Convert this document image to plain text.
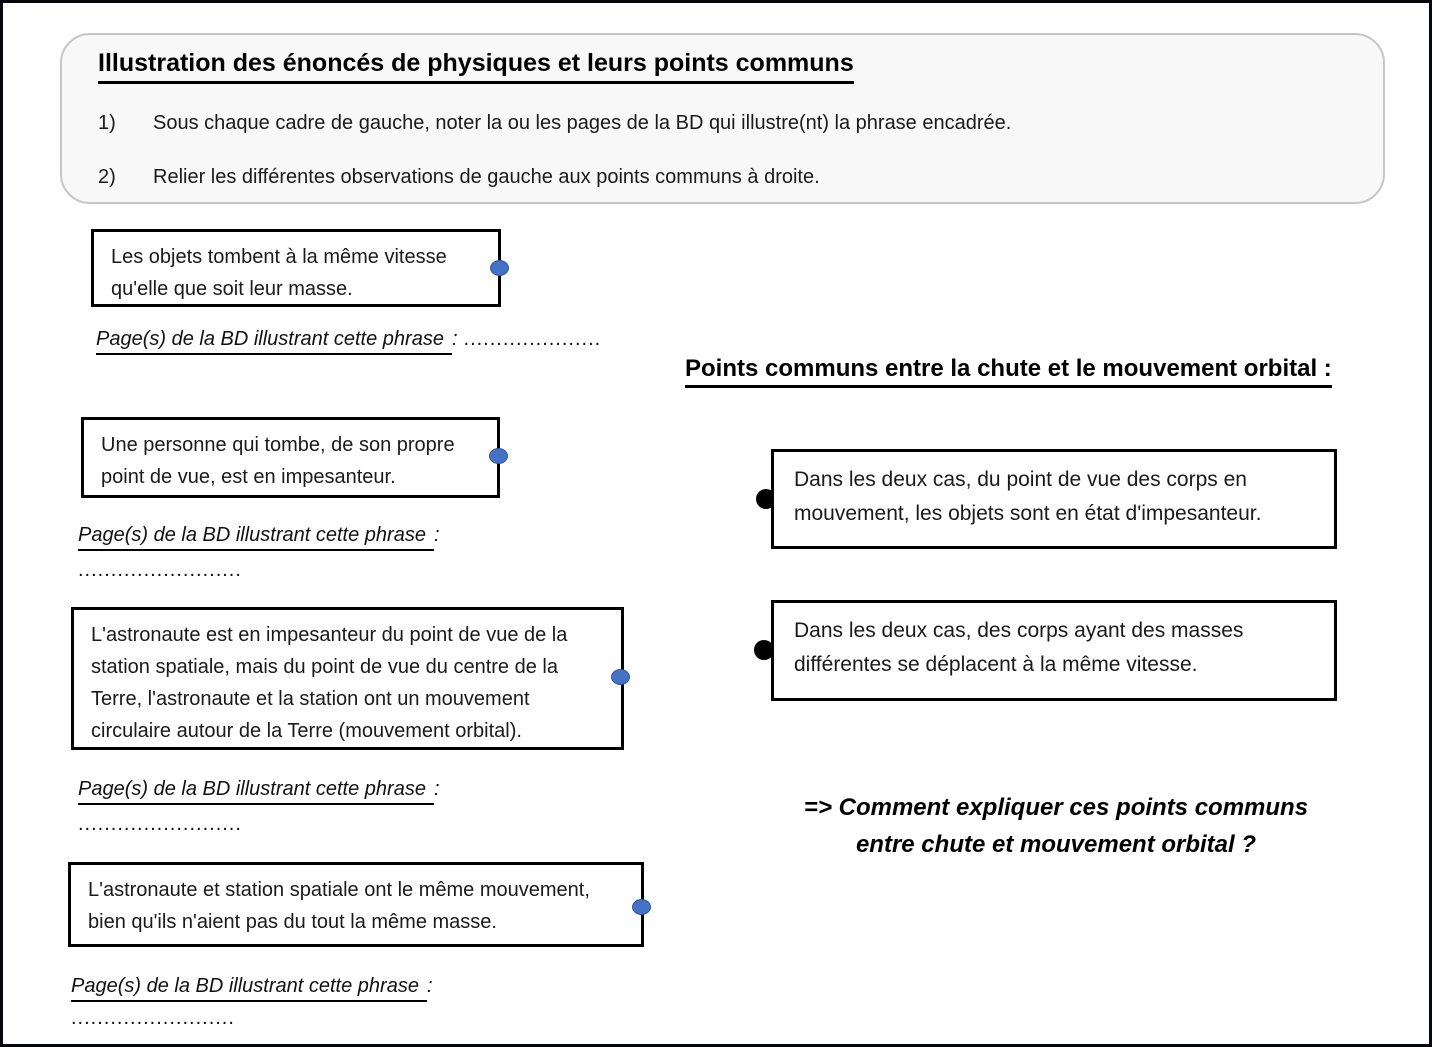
Illustration des énoncés de physiques et leurs points communs
1) Sous chaque cadre de gauche, noter la ou les pages de la BD qui illustre(nt) la phrase encadrée.
2) Relier les différentes observations de gauche aux points communs à droite.
Les objets tombent à la même vitesse
qu'elle que soit leur masse.
Page(s) de la BD illustrant cette phrase : .....................
Une personne qui tombe, de son propre
point de vue, est en impesanteur.
Page(s) de la BD illustrant cette phrase :
.........................
L'astronaute est en impesanteur du point de vue de la
station spatiale, mais du point de vue du centre de la
Terre, l'astronaute et la station ont un mouvement
circulaire autour de la Terre (mouvement orbital).
Page(s) de la BD illustrant cette phrase :
.........................
L'astronaute et station spatiale ont le même mouvement,
bien qu'ils n'aient pas du tout la même masse.
Page(s) de la BD illustrant cette phrase :
.........................
Points communs entre la chute et le mouvement orbital :
Dans les deux cas, du point de vue des corps en
mouvement, les objets sont en état d'impesanteur.
Dans les deux cas, des corps ayant des masses
différentes se déplacent à la même vitesse.
=> Comment expliquer ces points communs
entre chute et mouvement orbital ?
